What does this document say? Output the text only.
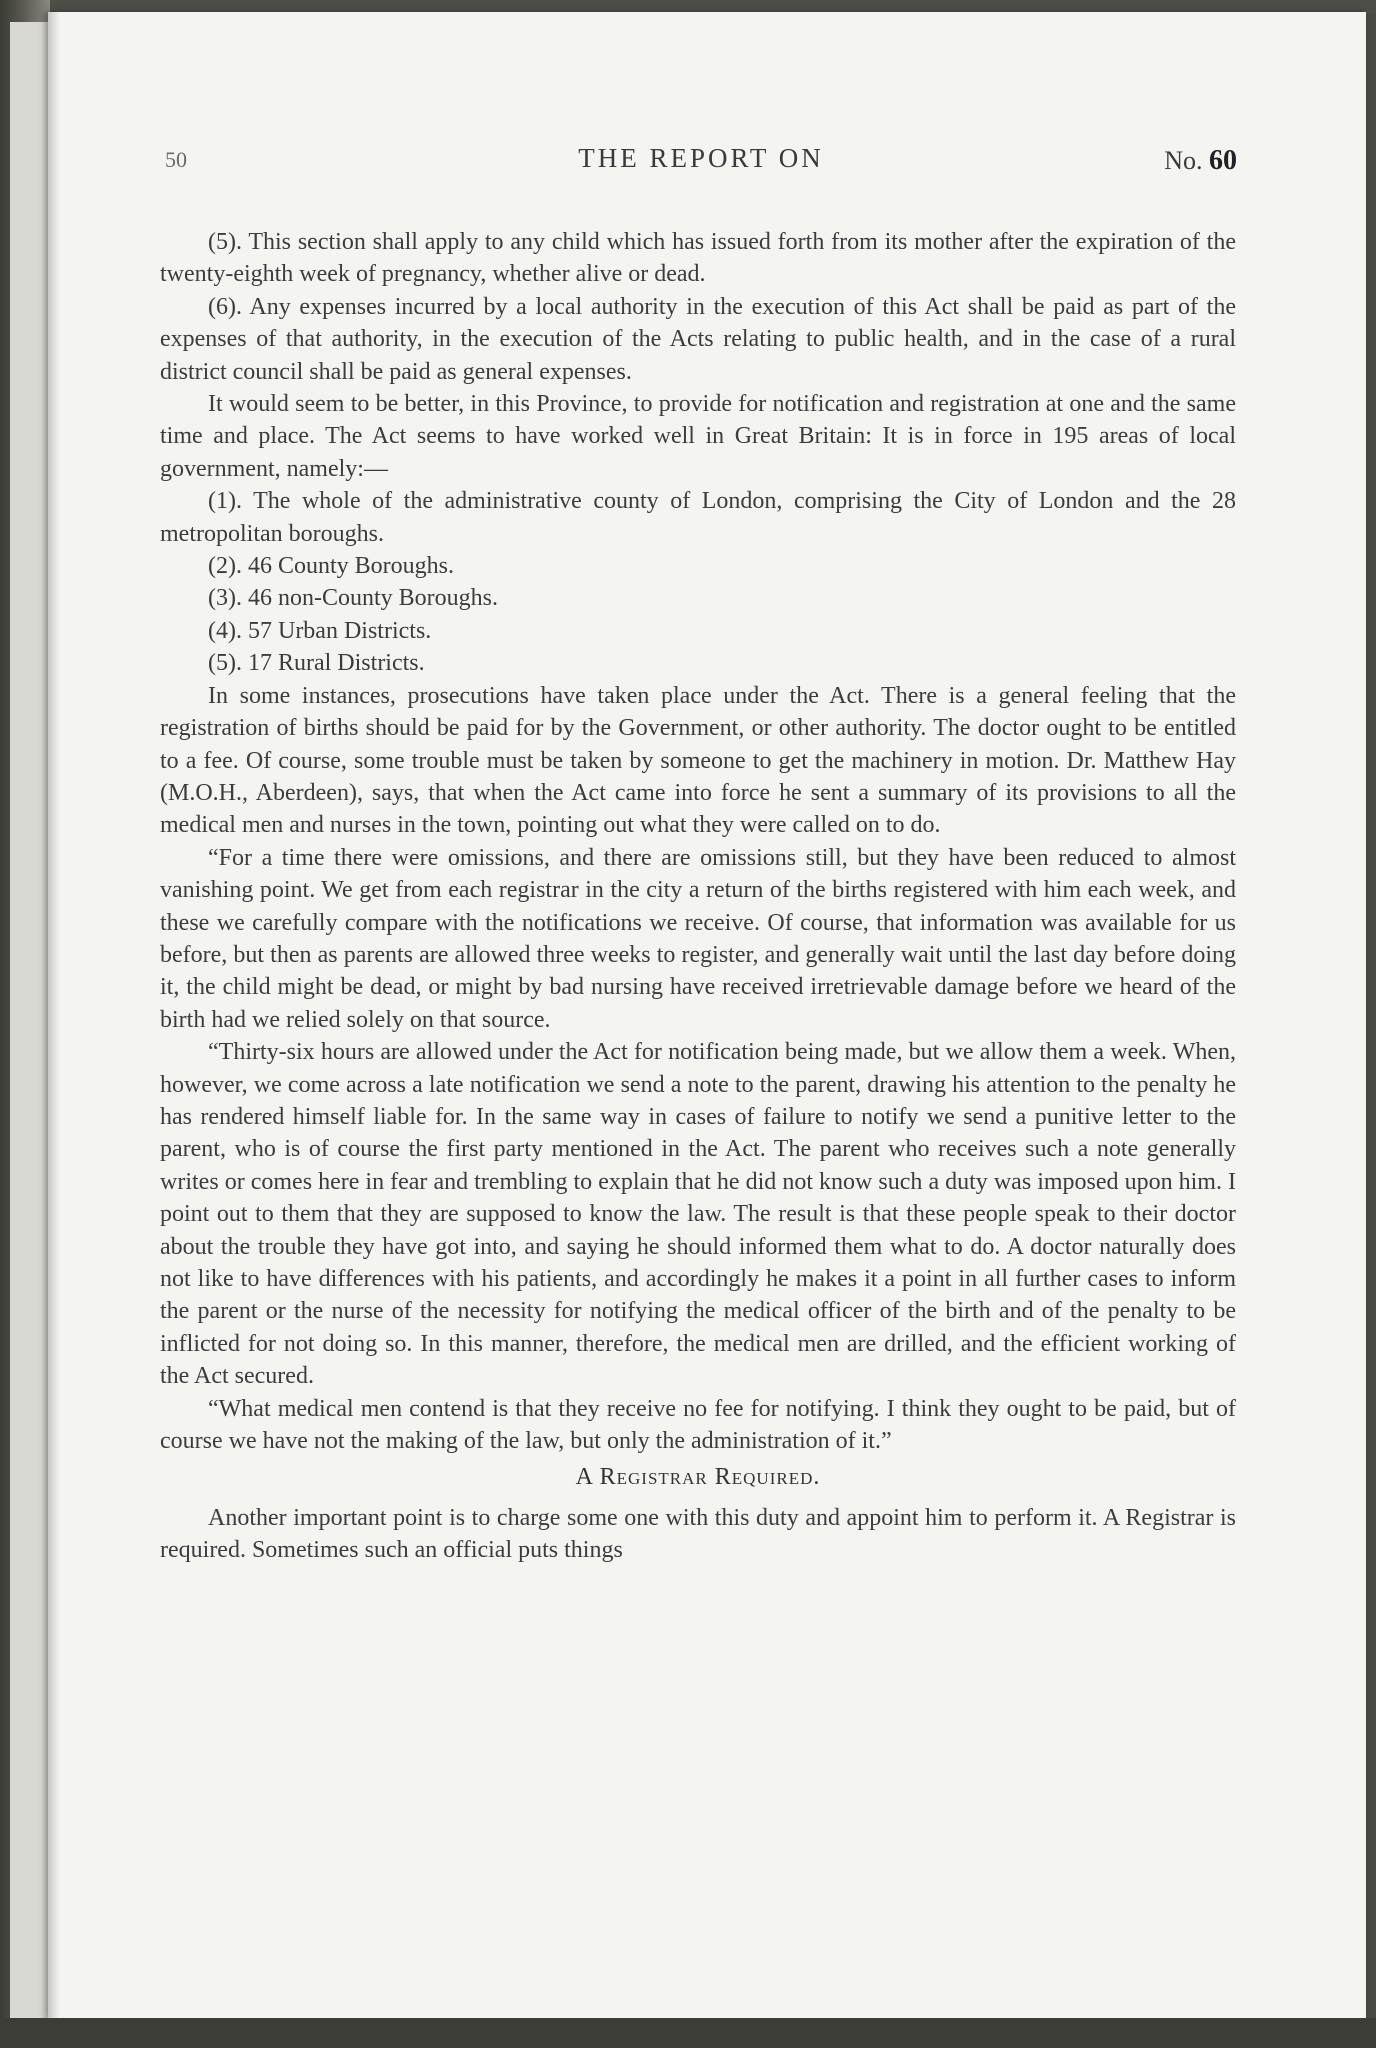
50	THE REPORT ON	No. 60

(5). This section shall apply to any child which has issued forth from its mother after the expiration of the twenty-eighth week of pregnancy, whether alive or dead.

(6). Any expenses incurred by a local authority in the execution of this Act shall be paid as part of the expenses of that authority, in the execution of the Acts relating to public health, and in the case of a rural district council shall be paid as general expenses.

It would seem to be better, in this Province, to provide for notification and registration at one and the same time and place. The Act seems to have worked well in Great Britain: It is in force in 195 areas of local government, namely:—

(1). The whole of the administrative county of London, comprising the City of London and the 28 metropolitan boroughs.

(2). 46 County Boroughs.

(3). 46 non-County Boroughs.

(4). 57 Urban Districts.

(5). 17 Rural Districts.

In some instances, prosecutions have taken place under the Act. There is a general feeling that the registration of births should be paid for by the Government, or other authority. The doctor ought to be entitled to a fee. Of course, some trouble must be taken by someone to get the machinery in motion. Dr. Matthew Hay (M.O.H., Aberdeen), says, that when the Act came into force he sent a summary of its provisions to all the medical men and nurses in the town, pointing out what they were called on to do.

“For a time there were omissions, and there are omissions still, but they have been reduced to almost vanishing point. We get from each registrar in the city a return of the births registered with him each week, and these we carefully compare with the notifications we receive. Of course, that information was available for us before, but then as parents are allowed three weeks to register, and generally wait until the last day before doing it, the child might be dead, or might by bad nursing have received irretrievable damage before we heard of the birth had we relied solely on that source.

“Thirty-six hours are allowed under the Act for notification being made, but we allow them a week. When, however, we come across a late notification we send a note to the parent, drawing his attention to the penalty he has rendered himself liable for. In the same way in cases of failure to notify we send a punitive letter to the parent, who is of course the first party mentioned in the Act. The parent who receives such a note generally writes or comes here in fear and trembling to explain that he did not know such a duty was imposed upon him. I point out to them that they are supposed to know the law. The result is that these people speak to their doctor about the trouble they have got into, and saying he should informed them what to do. A doctor naturally does not like to have differences with his patients, and accordingly he makes it a point in all further cases to inform the parent or the nurse of the necessity for notifying the medical officer of the birth and of the penalty to be inflicted for not doing so. In this manner, therefore, the medical men are drilled, and the efficient working of the Act secured.

“What medical men contend is that they receive no fee for notifying. I think they ought to be paid, but of course we have not the making of the law, but only the administration of it.”

A Registrar Required.

Another important point is to charge some one with this duty and appoint him to perform it. A Registrar is required. Sometimes such an official puts things
